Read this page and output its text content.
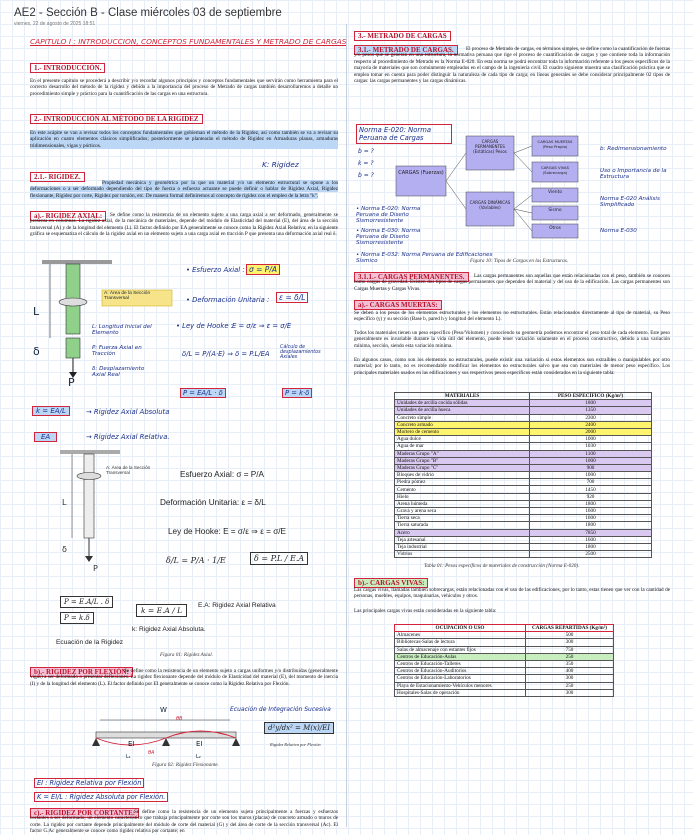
AE2 - Sección B - Clase miércoles 03 de septiembre
viernes, 22 de agosto de 2025 18:51
CAPITULO I : INTRODUCCION, CONCEPTOS FUNDAMENTALES Y METRADO DE CARGAS
1.- INTRODUCCIÓN.

En el presente capítulo se procederá a describir y/o recordar algunos principios y conceptos fundamentales que servirán como herramienta para el correcto desarrollo del método de la rigidez y debido a la importancia del proceso de Metrado de cargas también desarrollaremos a detalle un procedimiento simple y práctico para la cuantificación de las cargas en una estructura.

2.- INTRODUCCIÓN AL MÉTODO DE LA RIGIDEZ

En este acápite se van a revisar todos los conceptos fundamentales que gobiernan el método de la Rigidez, así como también se va a revisar su aplicación en cuatro elementos clásicos simplificados; posteriormente se plantearán el método de Rigidez en Armaduras planas, armaduras tridimensionales, vigas y pórticos.

K: Rigidez
2.1.- RIGIDEZ.

Propiedad mecánica y geométrica por la que un material y/o un elemento estructural se opone a los deformaciones o a ser deformado dependiendo del tipo de fuerza o esfuerzo actuante se puede definir o hablar de Rigidez Axial, Rigidez flexionante, Rigidez por corte, Rigidez por torsión, etc. De manera formal definiremos al concepto de rigidez con el empleo de la letra "k".

a).- RIGIDEZ AXIAL:	Se define como la resistencia de un elemento sujeto a una carga axial a ser deformado, generalmente se presenta en columnas. La rigidez axial, de la mecánica de materiales, depende del módulo de Elasticidad del material (E), del área de la sección transversal (A) y de la longitud del elemento (L). El factor definido por EA generalmente se conoce como la Rigidez Axial Relativa; en la siguiente gráfica se esquematiza el cálculo de la rigidez axial en un elemento sujeto a una carga axial en tracción P que presenta una deformación axial real δ.

A: Área de la Sección Transversal
L
δ
P
• Esfuerzo Axial : σ = P/A
• Deformación Unitaria :	ε = δ/L
• Ley de Hooke : E = σ/ε ⇒ ε = σ/E
L: Longitud Inicial del Elemento
P: Fuerza Axial en Tracción
δ: Desplazamiento Axial Real
δ/L = P/(A·E) ⇒ δ = P.L/EA
Cálculo de desplazamientos Axiales
P = EA/L · δ	P = k·δ
k = EA/L	→ Rigidez Axial Absoluta
EA	→ Rigidez Axial Relativa.
A: Área de la Sección Transversal
L
δ
P
Esfuerzo Axial: σ = P/A
Deformación Unitaria: ε = δ/L
Ley de Hooke: E = σ/ε ⇒ ε = σ/E
δ/L = P/A · 1/E	δ = P.L / E.A
P = E.A/L . δ
P = k.δ
k = E.A / L
E.A: Rigidez Axial Relativa
k: Rigidez Axial Absoluta.
Ecuación de la Rigidez
Figura 01: Rigidez Axial.
b).- RIGIDEZ POR FLEXIÓN:

Se define como la resistencia de un elemento sujeto a cargas uniformes y/o distribuidas (generalmente vigas) a ser deformado o presentar deflexiones. La rigidez flexionante depende del módulo de Elasticidad del material (E), del momento de inercia (I) y de la longitud del elemento (L). El factor definido por EI generalmente se conoce como la Rigidez Relativa por Flexión.

Ecuación de Integración Sucesiva
W
EI	EI
L₁	L₂
θA
θB
d²y/dx² = M(x)/EI
Rigidez Relativa por Flexión
Figura 02: Rigidez Flexionante.
EI : Rigidez Relativa por Flexión
K = EI/L : Rigidez Absoluta por Flexión.
c).- RIGIDEZ POR CORTANTE:

Se define como la resistencia de un elemento sujeto principalmente a fuerzas y esfuerzos cortantes a ser deformado; un elemento característico que trabaja principalmente por corte son los muros (placas) de concreto armado o muros de corte. La rigidez por cortante depende principalmente del módulo de corte del material (G) y del área de corte de la sección transversal (Ac). El factor G.Ac generalmente se conoce como rigidez relativa por cortante; en

3.- METRADO DE CARGAS
3.1.- METRADO DE CARGAS.	El proceso de Metrado de cargas, en términos simples, se define como la cuantificación de fuerzas y/o pesos que se generan en una estructura, la normativa peruana que rige el proceso de cuantificación de cargas y que contiene toda la información respecto al procedimiento de Metrado es la Norma E-020. En esta norma se podrá encontrar toda la información referente a los pesos específicos de la mayoría de materiales que son comúnmente empleados en el campo de la ingeniería civil. El cuadro siguiente muestra una clasificación práctica que se emplea tomar en cuenta para poder distinguir la naturaleza de cada tipo de carga; en líneas generales se debe considerar principalmente 02 tipos de cargas: las cargas permanentes y las cargas dinámicas.

Norma E-020: Norma Peruana de Cargas
CARGAS (Fuerzas)
CARGAS PERMANENTES (Estáticas) Pesos
CARGAS DINÁMICAS (Variables)
CARGAS MUERTAS (Peso Propio)
CARGAS VIVAS (Sobrecarga)
Viento
Sismo
Otros
b: Redimensionamiento
Uso o Importancia de la Estructura
Norma E-020 Análisis Simplificado
Norma E-030
b = ?
k = ?
b = ?
• Norma E-020: Norma Peruana de Diseño Sismorresistente
• Norma E-030: Norma Peruana de Diseño Sismorresistente
• Norma E-032: Norma Peruana de Edificaciones Sísmico	Figura 10: Tipos de Cargas en las Estructuras.
3.1.1.- CARGAS PERMANENTES.	Las cargas permanentes son aquellas que están relacionadas con el peso, también se conocen como cargas de gravedad. Existen dos tipos de cargas permanentes que dependen del material y del uso de la edificación. Las cargas permanentes son Cargas Muertas y Cargas Vivas.

a).- CARGAS MUERTAS:

Se deben a los pesos de los elementos estructurales y los elementos no estructurales. Están relacionados directamente al tipo de material, su Peso específico (γ) y su sección (Base b, pared h y longitud del elemento L).

Todos los materiales tienen un peso específico (Peso/Volumen) y conociendo su geometría podemos encontrar el peso total de cada elemento. Este peso generalmente es invariable durante la vida útil del elemento, puede tener variación solamente en el proceso constructivo, debido a una variación mínima, sección, siendo esta variación mínima.

En algunos casos, como son los elementos no estructurales, puede existir una variación si estos elementos son extraíbles o manipulables por otro material; por lo tanto, no es recomendable modificar los elementos no estructurales salvo que sea con materiales de menor peso específico. Los principales materiales usados en las edificaciones y sus respectivos pesos específicos están considerados en la siguiente tabla:

MATERIALES	PESO ESPECÍFICO (Kg/m³)
Unidades de arcilla cocida sólidas	1800
Unidades de arcilla hueca	1350
Concreto simple	2300
Concreto armado	2400
Mortero de cemento	2000
Agua dulce	1000
Agua de mar	1030
Maderas Grupo "A"	1100
Maderas Grupo "B"	1000
Maderas Grupo "C"	900
Bloques de vidrio	1000
Piedra pómez	700
Cemento	1450
Hielo	920
Arena húmeda	1800
Grava y arena seca	1600
Tierra seca	1600
Tierra saturada	1800
Acero	7850
Teja artesanal	1600
Teja industrial	1800
Vidrios	2500
Tabla 01: Pesos específicos de materiales de construcción (Norma E-020).
b).- CARGAS VIVAS:

Las cargas vivas, llamadas también sobrecargas, están relacionadas con el uso de las edificaciones, por lo tanto, estas tienen que ver con la cantidad de personas, muebles, equipos, maquinarias, vehículos y otros.

Las principales cargas vivas están consideradas en la siguiente tabla:

OCUPACIÓN O USO	CARGAS REPARTIDAS (Kg/m²)
Almacenes	500
Bibliotecas-Salas de lectura	300
Salas de almacenaje con estantes fijos	750
Centros de Educación-Aulas	250
Centros de Educación-Talleres	350
Centros de Educación-Auditorios	400
Centros de Educación-Laboratorios	300
Playa de Estacionamiento-Vehículos menores	250
Hospitales-Salas de operación	300
